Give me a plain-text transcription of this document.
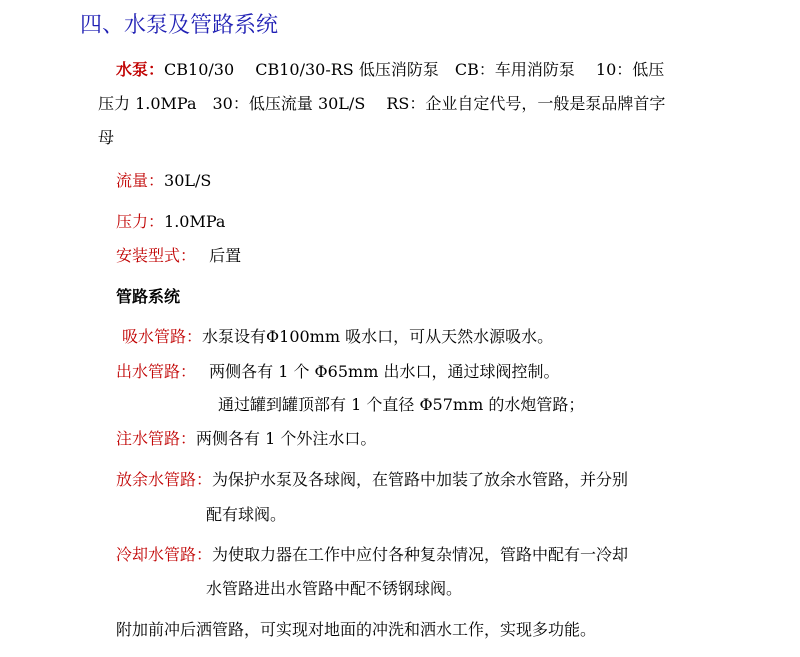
四、水泵及管路系统
水泵：CB10/30　 CB10/30-RS 低压消防泵　CB：车用消防泵　 10：低压
压力 1.0MPa　30：低压流量 30L/S　 RS：企业自定代号，一般是泵品牌首字
母
流量：30L/S
压力：1.0MPa
安装型式： 后置
管路系统
吸水管路：水泵设有Φ100mm 吸水口，可从天然水源吸水。
出水管路： 两侧各有 1 个 Φ65mm 出水口，通过球阀控制。
通过罐到罐顶部有 1 个直径 Φ57mm 的水炮管路；
注水管路：两侧各有 1 个外注水口。
放余水管路：为保护水泵及各球阀，在管路中加装了放余水管路，并分别
配有球阀。
冷却水管路：为使取力器在工作中应付各种复杂情况，管路中配有一冷却
水管路进出水管路中配不锈钢球阀。
附加前冲后洒管路，可实现对地面的冲洗和洒水工作，实现多功能。
